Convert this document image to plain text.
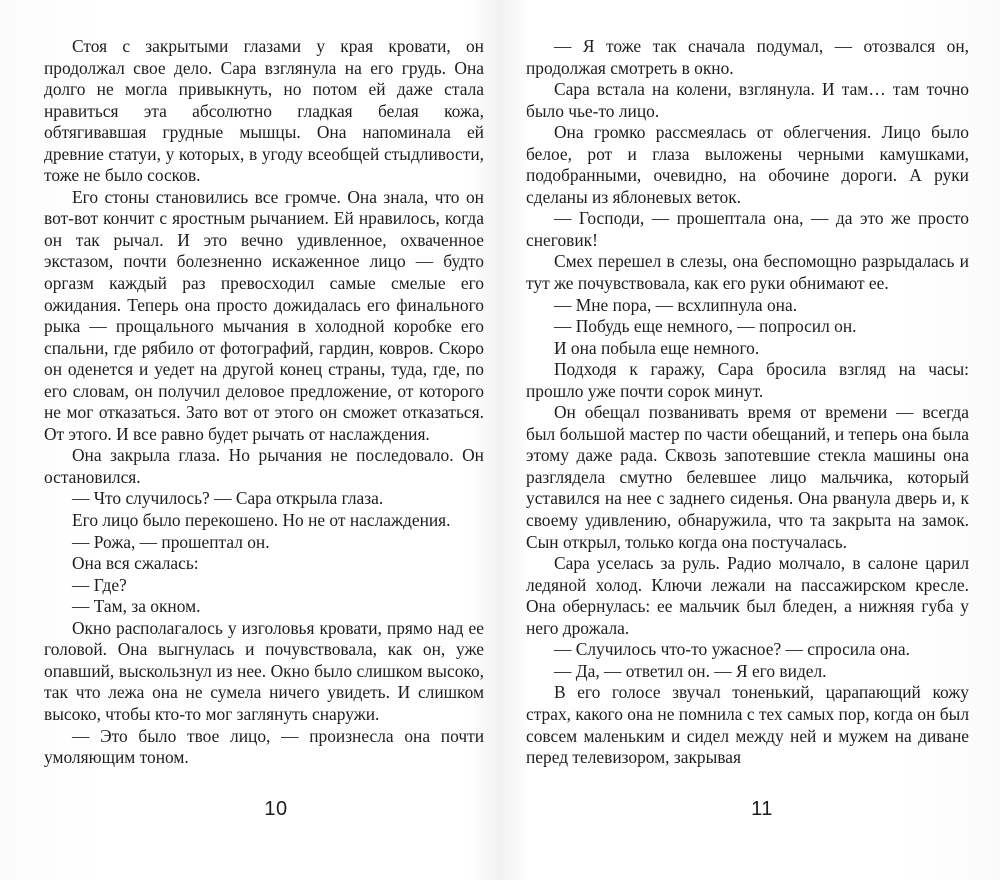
Стоя с закрытыми глазами у края кровати, он продолжал свое дело. Сара взглянула на его грудь. Она долго не могла привыкнуть, но потом ей даже стала нравиться эта абсолютно гладкая белая кожа, обтягивавшая грудные мышцы. Она напоминала ей древние статуи, у которых, в угоду всеобщей стыдливости, тоже не было сосков.

Его стоны становились все громче. Она знала, что он вот-вот кончит с яростным рычанием. Ей нравилось, когда он так рычал. И это вечно удивленное, охваченное экстазом, почти болезненно искаженное лицо — будто оргазм каждый раз превосходил самые смелые его ожидания. Теперь она просто дожидалась его финального рыка — прощального мычания в холодной коробке его спальни, где рябило от фотографий, гардин, ковров. Скоро он оденется и уедет на другой конец страны, туда, где, по его словам, он получил деловое предложение, от которого не мог отказаться. Зато вот от этого он сможет отказаться. От этого. И все равно будет рычать от наслаждения.

Она закрыла глаза. Но рычания не последовало. Он остановился.

— Что случилось? — Сара открыла глаза.

Его лицо было перекошено. Но не от наслаждения.

— Рожа, — прошептал он.

Она вся сжалась:

— Где?

— Там, за окном.

Окно располагалось у изголовья кровати, прямо над ее головой. Она выгнулась и почувствовала, как он, уже опавший, выскользнул из нее. Окно было слишком высоко, так что лежа она не сумела ничего увидеть. И слишком высоко, чтобы кто-то мог заглянуть снаружи.

— Это было твое лицо, — произнесла она почти умоляющим тоном.

— Я тоже так сначала подумал, — отозвался он, продолжая смотреть в окно.

Сара встала на колени, взглянула. И там… там точно было чье-то лицо.

Она громко рассмеялась от облегчения. Лицо было белое, рот и глаза выложены черными камушками, подобранными, очевидно, на обочине дороги. А руки сделаны из яблоневых веток.

— Господи, — прошептала она, — да это же просто снеговик!

Смех перешел в слезы, она беспомощно разрыдалась и тут же почувствовала, как его руки обнимают ее.

— Мне пора, — всхлипнула она.

— Побудь еще немного, — попросил он.

И она побыла еще немного.

Подходя к гаражу, Сара бросила взгляд на часы: прошло уже почти сорок минут.

Он обещал позванивать время от времени — всегда был большой мастер по части обещаний, и теперь она была этому даже рада. Сквозь запотевшие стекла машины она разглядела смутно белевшее лицо мальчика, который уставился на нее с заднего сиденья. Она рванула дверь и, к своему удивлению, обнаружила, что та закрыта на замок. Сын открыл, только когда она постучалась.

Сара уселась за руль. Радио молчало, в салоне царил ледяной холод. Ключи лежали на пассажирском кресле. Она обернулась: ее мальчик был бледен, а нижняя губа у него дрожала.

— Случилось что-то ужасное? — спросила она.

— Да, — ответил он. — Я его видел.

В его голосе звучал тоненький, царапающий кожу страх, какого она не помнила с тех самых пор, когда он был совсем маленьким и сидел между ней и мужем на диване перед телевизором, закрывая

10	11
